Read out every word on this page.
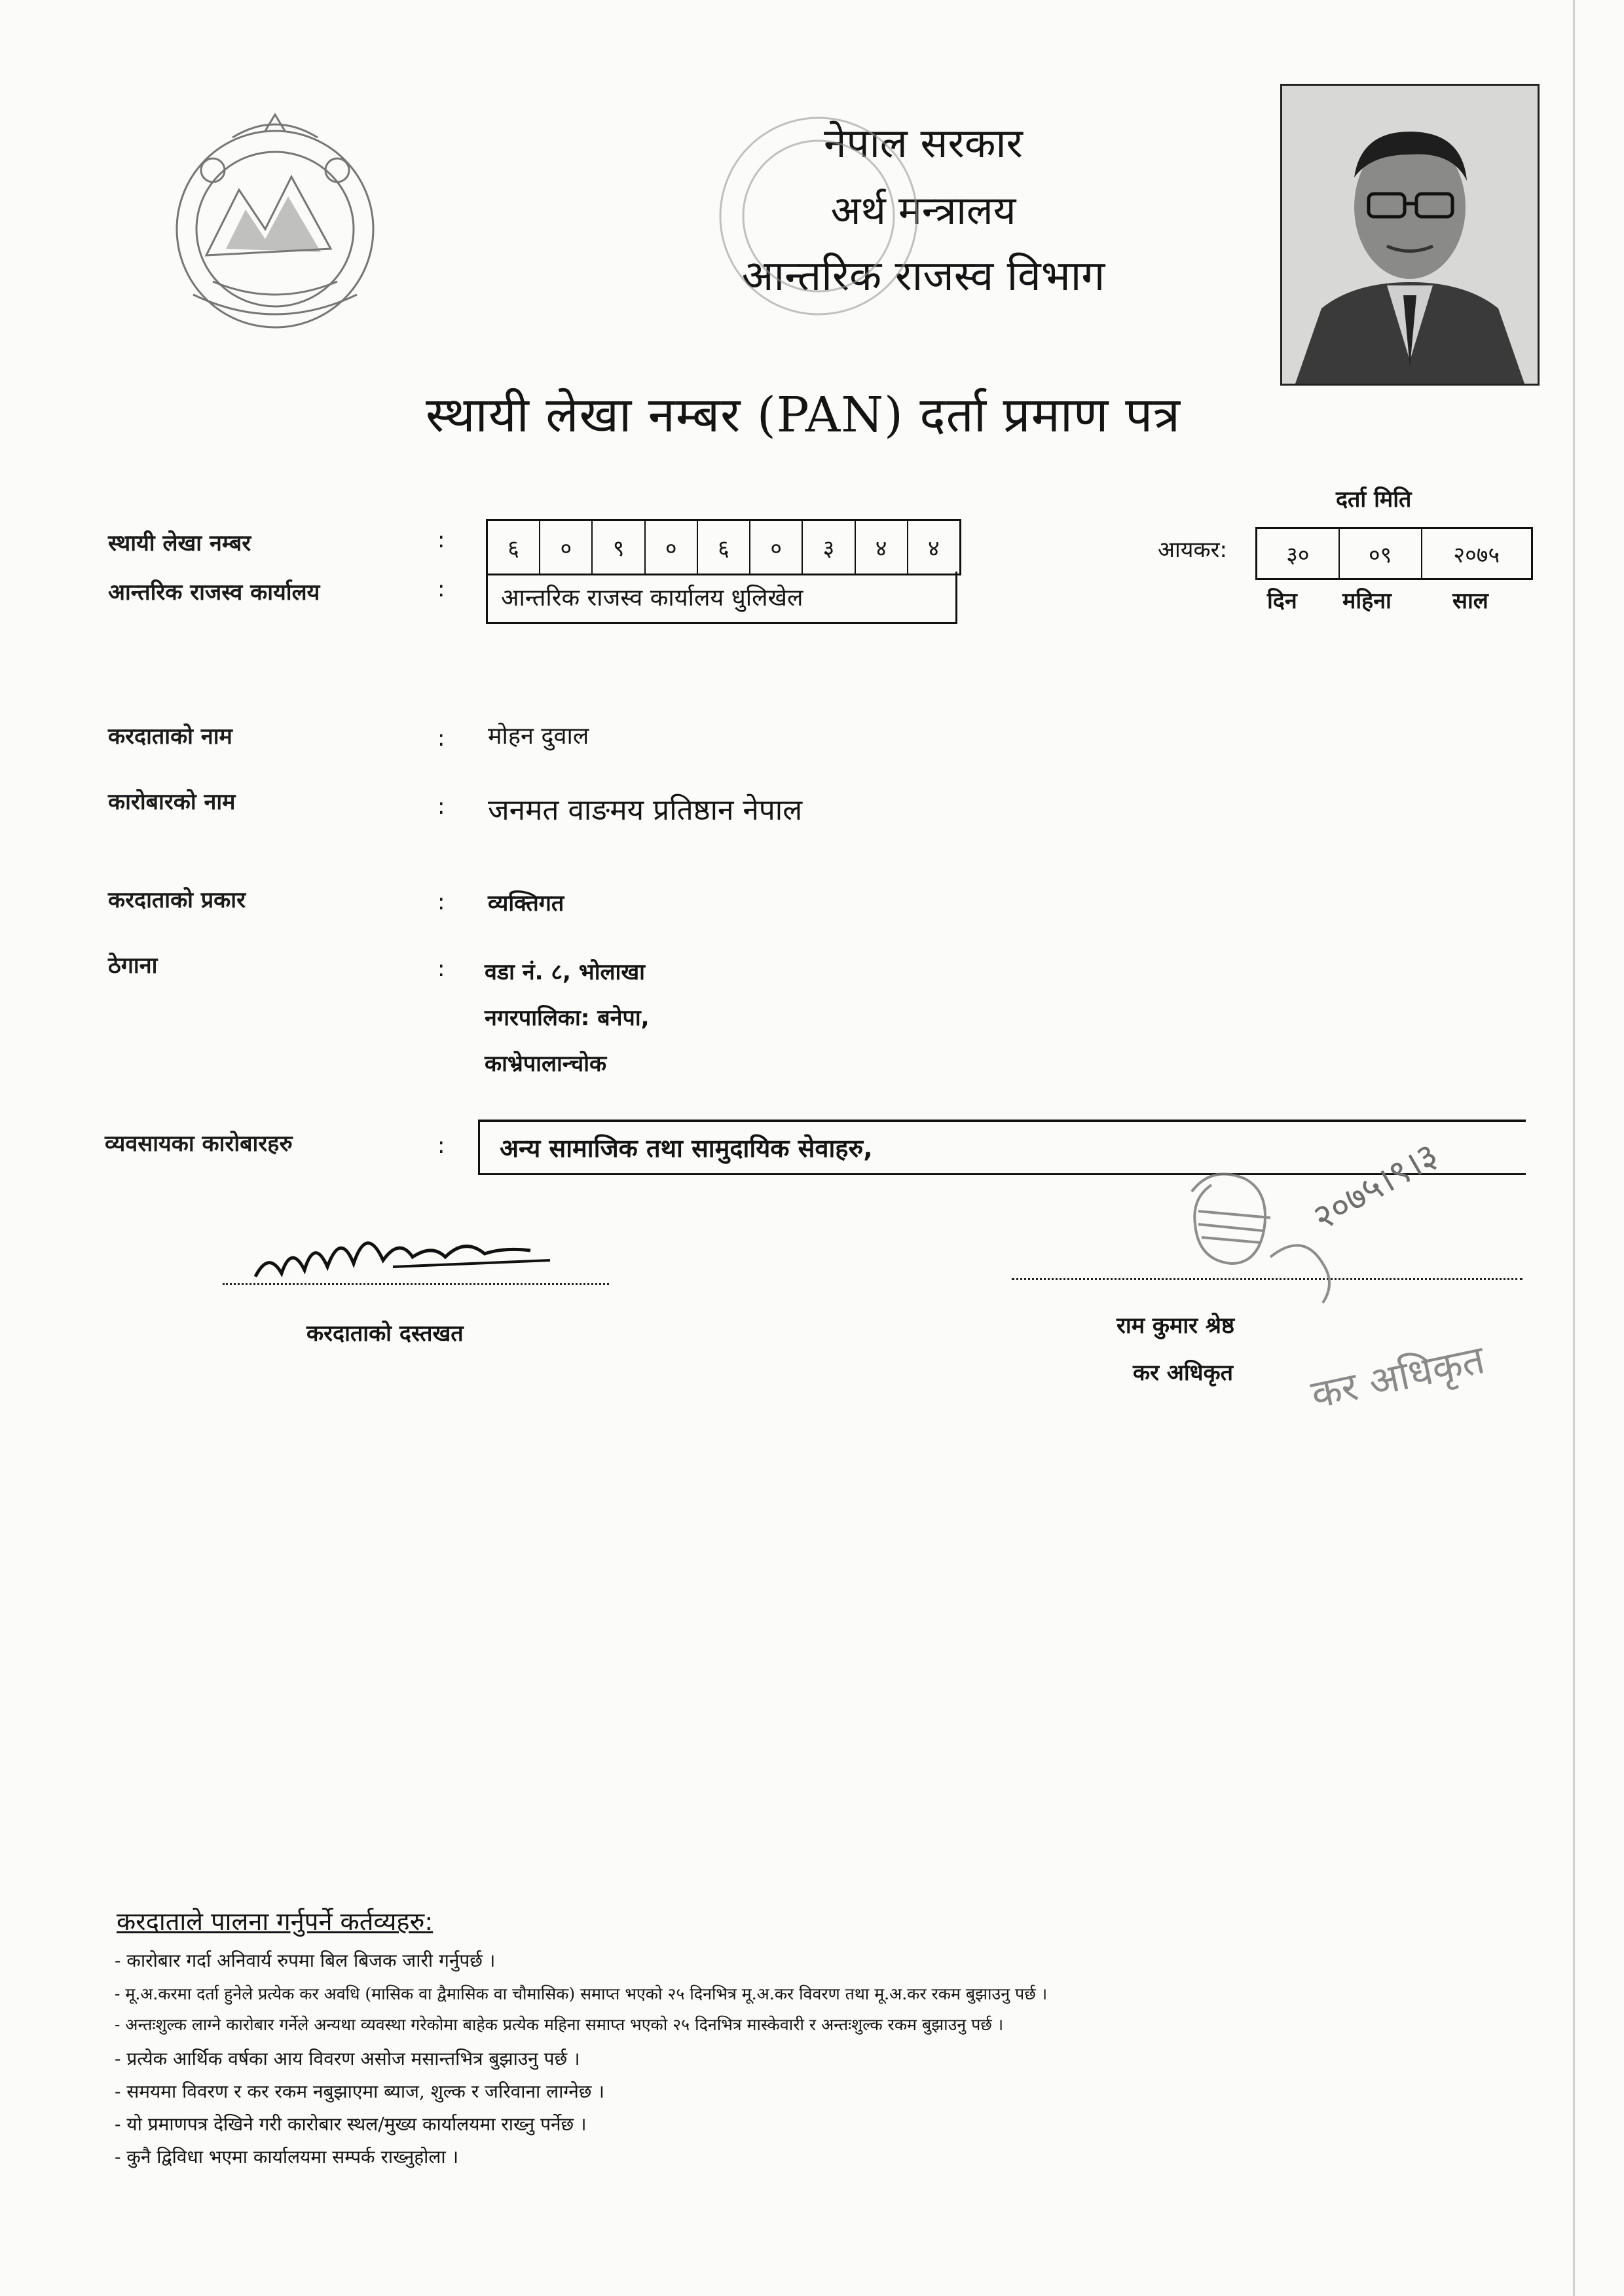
नेपाल सरकार
अर्थ मन्त्रालय
आन्तरिक राजस्व विभाग
स्थायी लेखा नम्बर (PAN) दर्ता प्रमाण पत्र
दर्ता मिति
आयकर:	३०	०९	२०७५
दिन महिना	साल
स्थायी लेखा नम्बर	:	६	०	९	०	६	०	३	४	४
आन्तरिक राजस्व कार्यालय	:	आन्तरिक राजस्व कार्यालय धुलिखेल
करदाताको नाम	: मोहन दुवाल
कारोबारको नाम	: जनमत वाङमय प्रतिष्ठान नेपाल
करदाताको प्रकार	: व्यक्तिगत
ठेगाना	: वडा नं. ८, भोलाखा
नगरपालिका: बनेपा,
काभ्रेपालान्चोक
व्यवसायका कारोबारहरु	:	अन्य सामाजिक तथा सामुदायिक सेवाहरु,
करदाताको दस्तखत	राम कुमार श्रेष्ठ
कर अधिकृत
२०७५।९।३
कर अधिकृत
करदाताले पालना गर्नुपर्ने कर्तव्यहरु:
- कारोबार गर्दा अनिवार्य रुपमा बिल बिजक जारी गर्नुपर्छ ।
- मू.अ.करमा दर्ता हुनेले प्रत्येक कर अवधि (मासिक वा द्वैमासिक वा चौमासिक) समाप्त भएको २५ दिनभित्र मू.अ.कर विवरण तथा मू.अ.कर रकम बुझाउनु पर्छ ।
- अन्तःशुल्क लाग्ने कारोबार गर्नेले अन्यथा व्यवस्था गरेकोमा बाहेक प्रत्येक महिना समाप्त भएको २५ दिनभित्र मास्केवारी र अन्तःशुल्क रकम बुझाउनु पर्छ ।
- प्रत्येक आर्थिक वर्षका आय विवरण असोज मसान्तभित्र बुझाउनु पर्छ ।
- समयमा विवरण र कर रकम नबुझाएमा ब्याज, शुल्क र जरिवाना लाग्नेछ ।
- यो प्रमाणपत्र देखिने गरी कारोबार स्थल/मुख्य कार्यालयमा राख्नु पर्नेछ ।
- कुनै द्विविधा भएमा कार्यालयमा सम्पर्क राख्नुहोला ।
